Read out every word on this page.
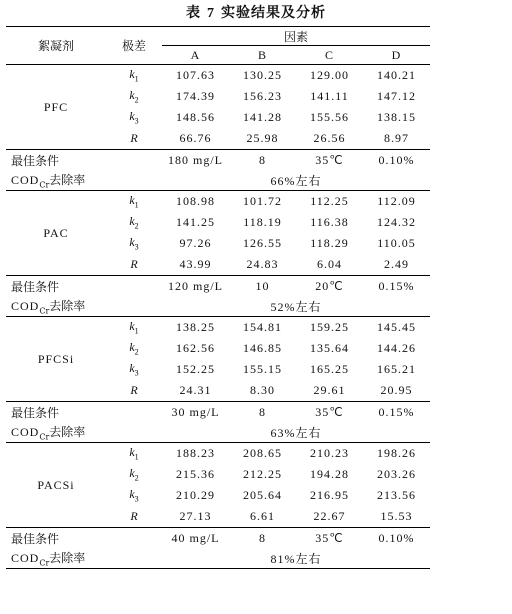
表 7 实验结果及分析
絮凝剂	极差	因素			
		A	B	C	D
PFC	$k_1$	107.63	130.25	129.00	140.21
	$k_2$	174.39	156.23	141.11	147.12
	$k_3$	148.56	141.28	155.56	138.15
	R	66.76	25.98	26.56	8.97
最佳条件		180 mg/L	8	35℃	0.10%
$COD_{Cr}$去除率		66%左右			
PAC	$k_1$	108.98	101.72	112.25	112.09
	$k_2$	141.25	118.19	116.38	124.32
	$k_3$	97.26	126.55	118.29	110.05
	R	43.99	24.83	6.04	2.49
最佳条件		120 mg/L	10	20℃	0.15%
$COD_{Cr}$去除率		52%左右			
PFCSi	$k_1$	138.25	154.81	159.25	145.45
	$k_2$	162.56	146.85	135.64	144.26
	$k_3$	152.25	155.15	165.25	165.21
	R	24.31	8.30	29.61	20.95
最佳条件		30 mg/L	8	35℃	0.15%
$COD_{Cr}$去除率		63%左右			
PACSi	$k_1$	188.23	208.65	210.23	198.26
	$k_2$	215.36	212.25	194.28	203.26
	$k_3$	210.29	205.64	216.95	213.56
	R	27.13	6.61	22.67	15.53
最佳条件		40 mg/L	8	35℃	0.10%
$COD_{Cr}$去除率		81%左右			
